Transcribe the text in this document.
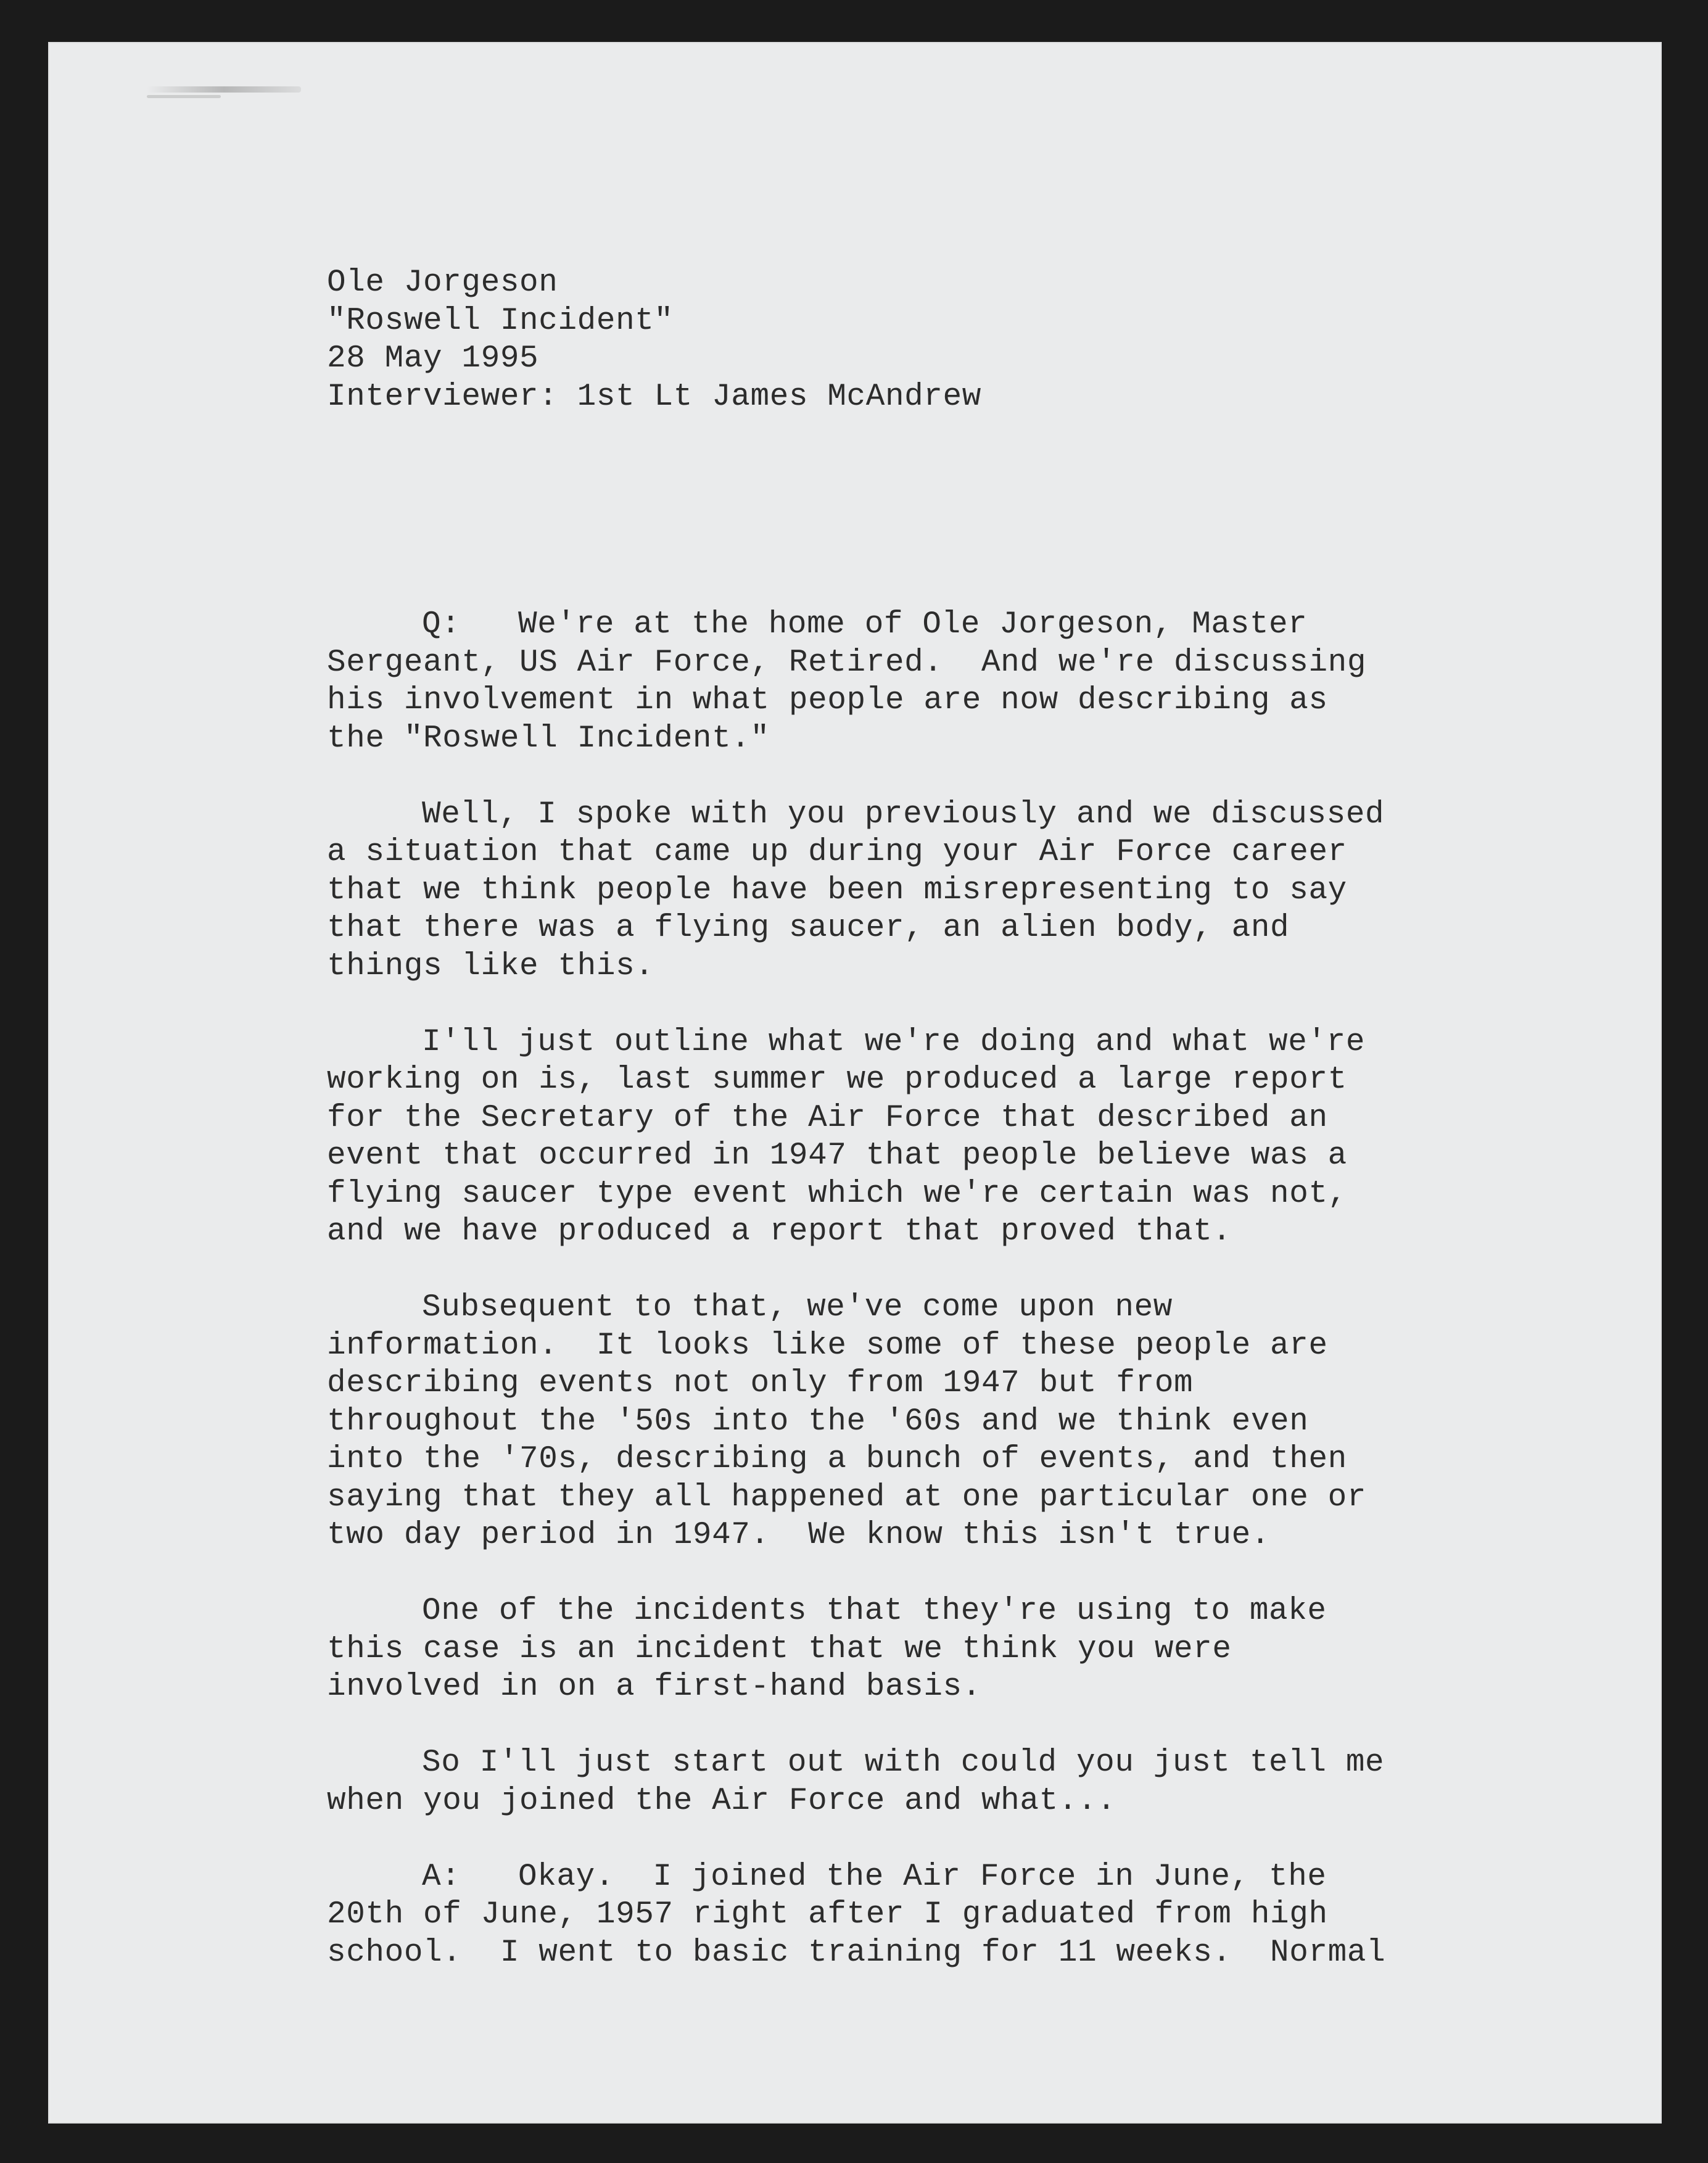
Ole Jorgeson
"Roswell Incident"
28 May 1995
Interviewer: 1st Lt James McAndrew
Q:   We're at the home of Ole Jorgeson, Master
Sergeant, US Air Force, Retired.  And we're discussing
his involvement in what people are now describing as
the "Roswell Incident."
Well, I spoke with you previously and we discussed
a situation that came up during your Air Force career
that we think people have been misrepresenting to say
that there was a flying saucer, an alien body, and
things like this.
I'll just outline what we're doing and what we're
working on is, last summer we produced a large report
for the Secretary of the Air Force that described an
event that occurred in 1947 that people believe was a
flying saucer type event which we're certain was not,
and we have produced a report that proved that.
Subsequent to that, we've come upon new
information.  It looks like some of these people are
describing events not only from 1947 but from
throughout the '50s into the '60s and we think even
into the '70s, describing a bunch of events, and then
saying that they all happened at one particular one or
two day period in 1947.  We know this isn't true.
One of the incidents that they're using to make
this case is an incident that we think you were
involved in on a first-hand basis.
So I'll just start out with could you just tell me
when you joined the Air Force and what...
A:   Okay.  I joined the Air Force in June, the
20th of June, 1957 right after I graduated from high
school.  I went to basic training for 11 weeks.  Normal
